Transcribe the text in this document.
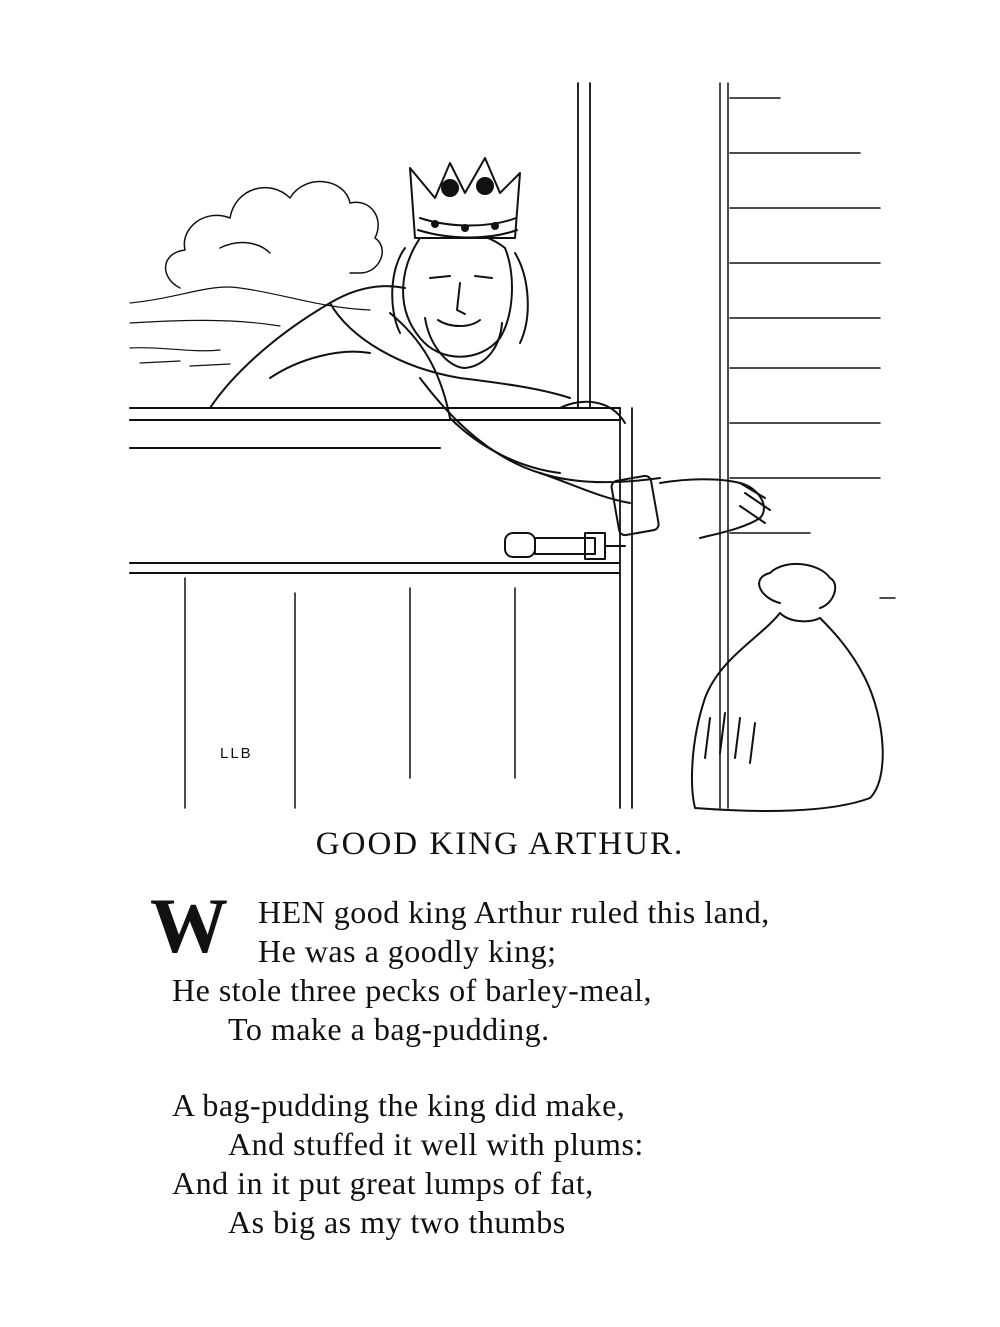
LLB
GOOD KING ARTHUR.
W HEN good king Arthur ruled this land,
He was a goodly king;
He stole three pecks of barley-meal,
To make a bag-pudding.
A bag-pudding the king did make,
And stuffed it well with plums:
And in it put great lumps of fat,
As big as my two thumbs
